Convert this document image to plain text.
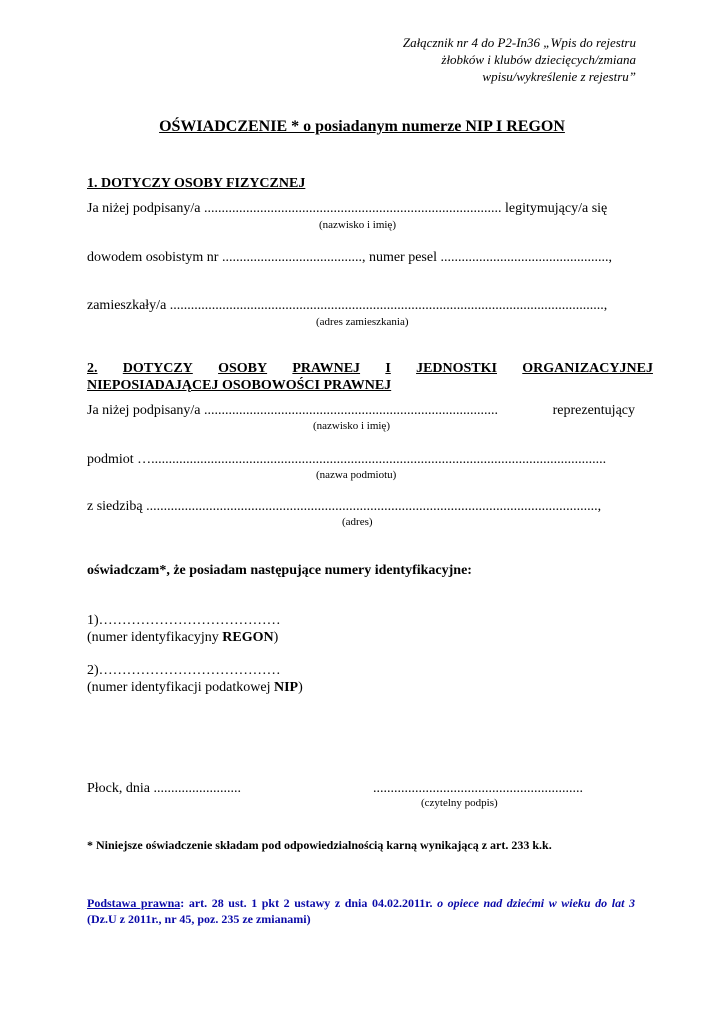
Załącznik nr 4 do P2-In36 „Wpis do rejestru
żłobków i klubów dziecięcych/zmiana
wpisu/wykreślenie z rejestru”
OŚWIADCZENIE * o posiadanym numerze NIP I REGON
1. DOTYCZY OSOBY FIZYCZNEJ
Ja niżej podpisany/a ..................................................................................... legitymujący/a się
(nazwisko i imię)
dowodem osobistym nr ........................................, numer pesel ................................................,
zamieszkały/a ............................................................................................................................,
(adres zamieszkania)
2. DOTYCZY OSOBY PRAWNEJ I JEDNOSTKI ORGANIZACYJNEJ
NIEPOSIADAJĄCEJ OSOBOWOŚCI PRAWNEJ
Ja niżej podpisany/a ....................................................................................	reprezentujący
(nazwisko i imię)
podmiot …..................................................................................................................................
(nazwa podmiotu)
z siedzibą .................................................................................................................................,
(adres)
oświadczam*, że posiadam następujące numery identyfikacyjne:
1)…………………………………
(numer identyfikacyjny REGON)
2)…………………………………
(numer identyfikacji podatkowej NIP)
Płock, dnia .........................	............................................................
(czytelny podpis)
* Niniejsze oświadczenie składam pod odpowiedzialnością karną wynikającą z art. 233 k.k.
Podstawa prawna: art. 28 ust. 1 pkt 2 ustawy z dnia 04.02.2011r. o opiece nad dziećmi w wieku do lat 3 (Dz.U z 2011r., nr 45, poz. 235 ze zmianami)
